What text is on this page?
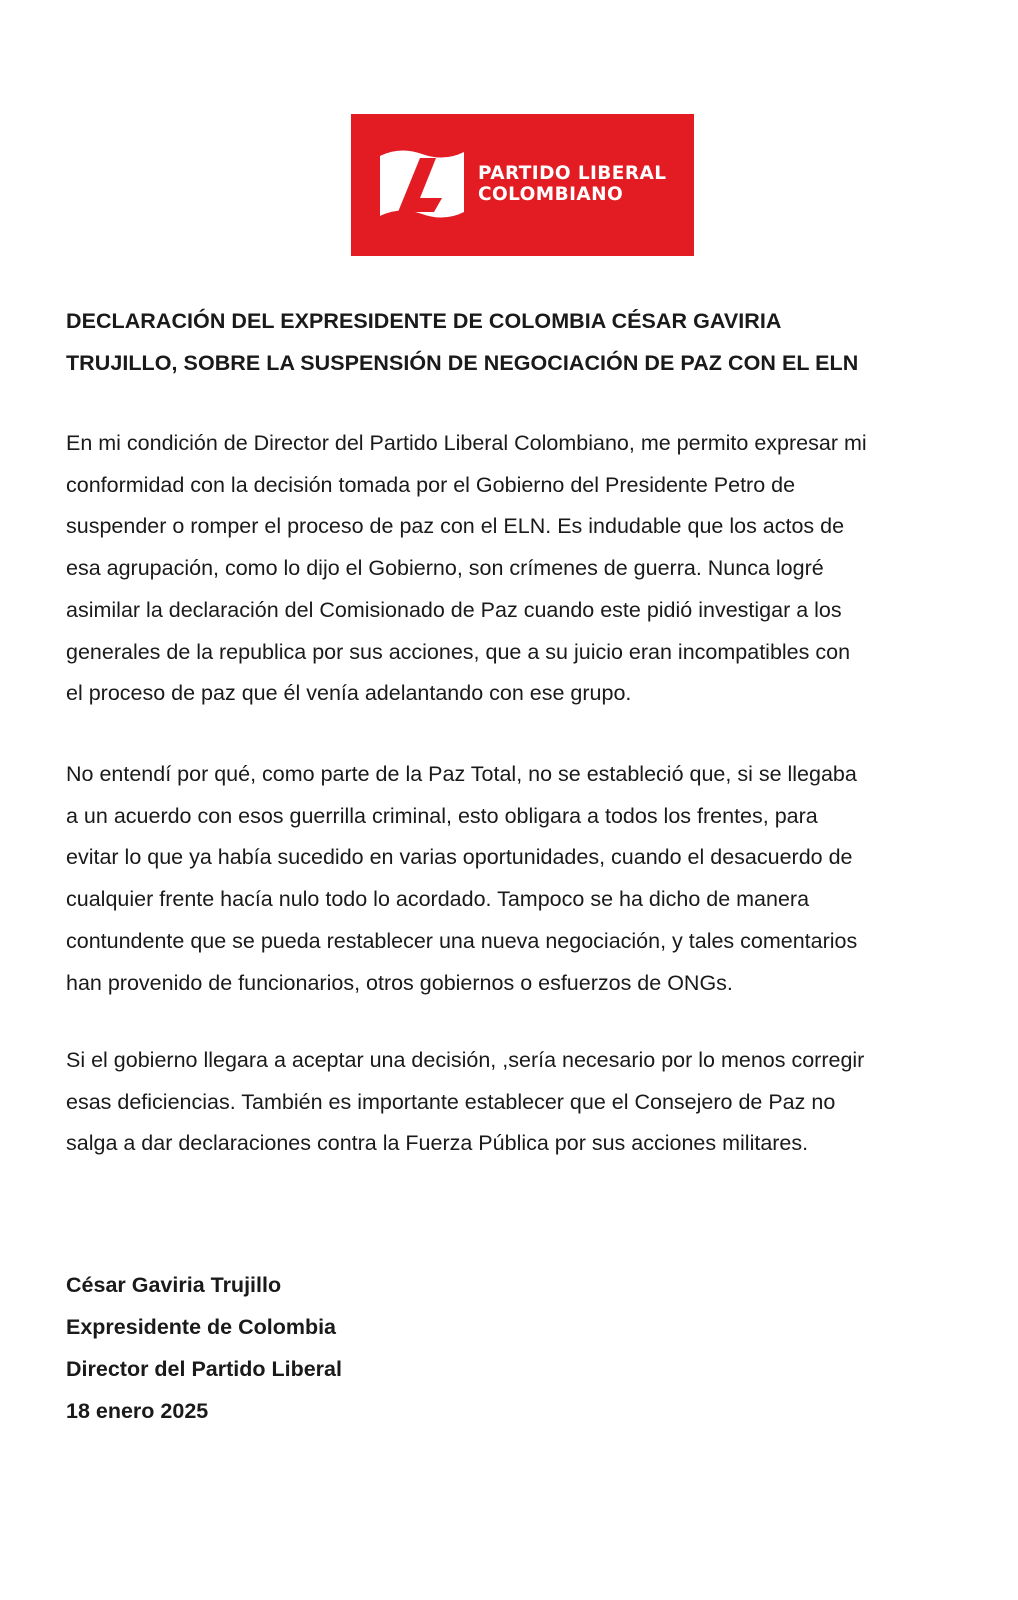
PARTIDO LIBERAL
COLOMBIANO
DECLARACIÓN DEL EXPRESIDENTE DE COLOMBIA CÉSAR GAVIRIA
TRUJILLO, SOBRE LA SUSPENSIÓN DE NEGOCIACIÓN DE PAZ CON EL ELN

En mi condición de Director del Partido Liberal Colombiano, me permito expresar mi
conformidad con la decisión tomada por el Gobierno del Presidente Petro de
suspender o romper el proceso de paz con el ELN. Es indudable que los actos de
esa agrupación, como lo dijo el Gobierno, son crímenes de guerra. Nunca logré
asimilar la declaración del Comisionado de Paz cuando este pidió investigar a los
generales de la republica por sus acciones, que a su juicio eran incompatibles con
el proceso de paz que él venía adelantando con ese grupo.

No entendí por qué, como parte de la Paz Total, no se estableció que, si se llegaba
a un acuerdo con esos guerrilla criminal, esto obligara a todos los frentes, para
evitar lo que ya había sucedido en varias oportunidades, cuando el desacuerdo de
cualquier frente hacía nulo todo lo acordado. Tampoco se ha dicho de manera
contundente que se pueda restablecer una nueva negociación, y tales comentarios
han provenido de funcionarios, otros gobiernos o esfuerzos de ONGs.

Si el gobierno llegara a aceptar una decisión, ,sería necesario por lo menos corregir
esas deficiencias. También es importante establecer que el Consejero de Paz no
salga a dar declaraciones contra la Fuerza Pública por sus acciones militares.

César Gaviria Trujillo
Expresidente de Colombia
Director del Partido Liberal
18 enero 2025
